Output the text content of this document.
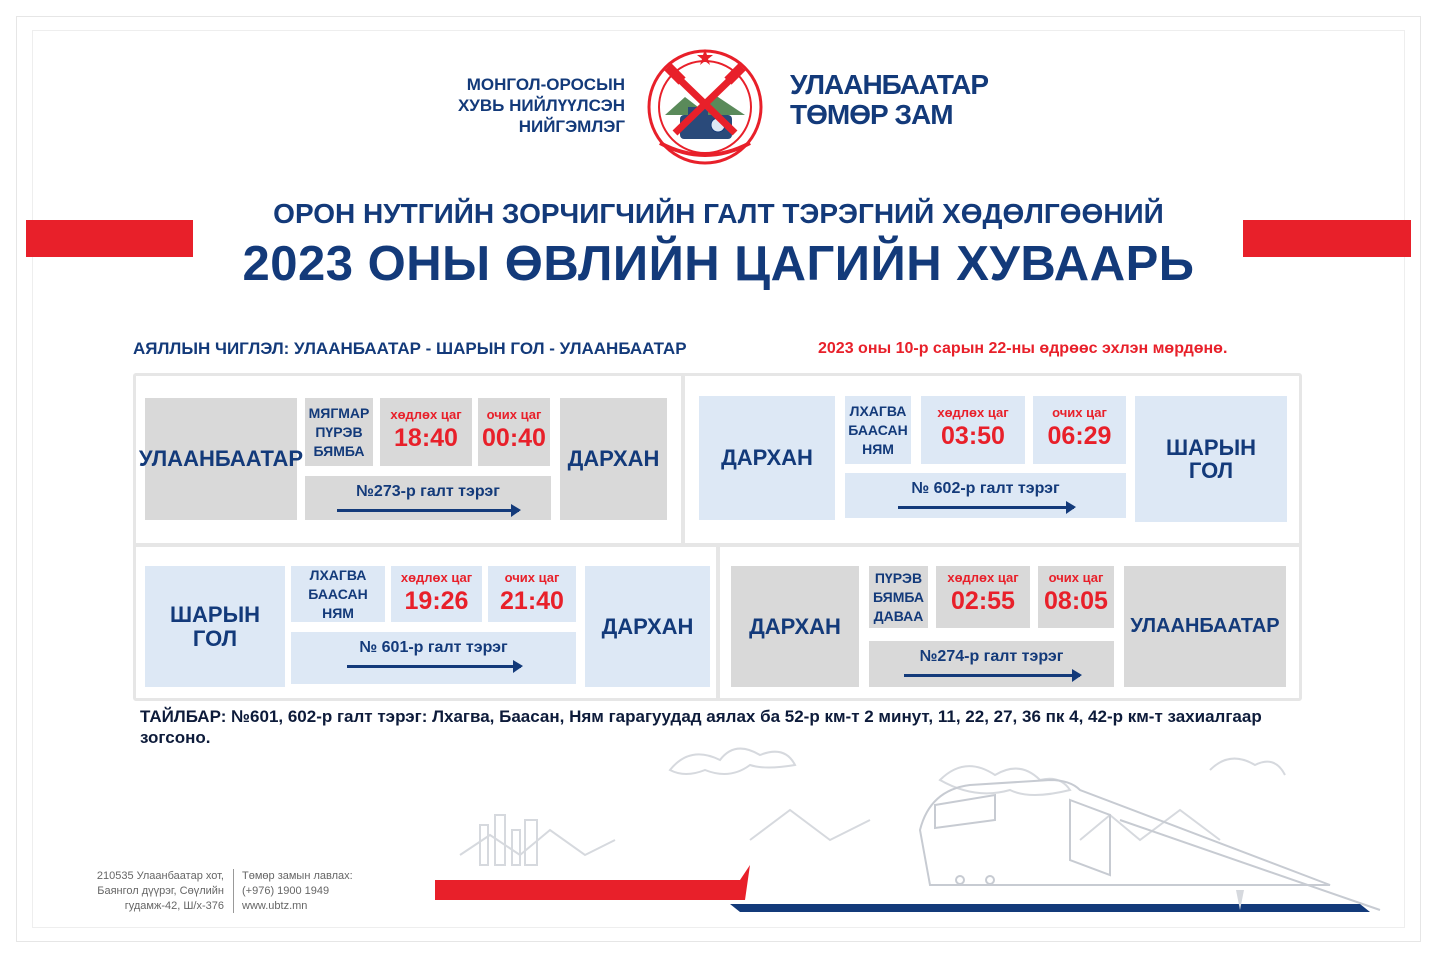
МОНГОЛ-ОРОСЫН
ХУВЬ НИЙЛҮҮЛСЭН
НИЙГЭМЛЭГ
УЛААНБААТАР
ТӨМӨР ЗАМ
ОРОН НУТГИЙН ЗОРЧИГЧИЙН ГАЛТ ТЭРЭГНИЙ ХӨДӨЛГӨӨНИЙ
2023 ОНЫ ӨВЛИЙН ЦАГИЙН ХУВААРЬ
АЯЛЛЫН ЧИГЛЭЛ: УЛААНБААТАР - ШАРЫН ГОЛ - УЛААНБААТАР	2023 оны 10-р сарын 22-ны өдрөөс эхлэн мөрдөнө.
УЛААНБААТАР
МЯГМАР
ПҮРЭВ
БЯМБА
хөдлөх цаг
18:40
очих цаг
00:40
№273-р галт тэрэг
ДАРХАН	ДАРХАН
ЛХАГВА
БААСАН
НЯМ
хөдлөх цаг
03:50
очих цаг
06:29
№ 602-р галт тэрэг
ШАРЫН
ГОЛ
ШАРЫН
ГОЛ
ЛХАГВА
БААСАН
НЯМ
хөдлөх цаг
19:26
очих цаг
21:40
№ 601-р галт тэрэг
ДАРХАН	ДАРХАН
ПҮРЭВ
БЯМБА
ДАВАА
хөдлөх цаг
02:55
очих цаг
08:05
№274-р галт тэрэг
УЛААНБААТАР
ТАЙЛБАР: №601, 602-р галт тэрэг: Лхагва, Баасан, Ням гарагуудад аялах ба 52-р км-т 2 минут, 11, 22, 27, 36 пк 4, 42-р км-т захиалгаар зогсоно.
210535 Улаанбаатар хот,
Баянгол дүүрэг, Сөүлийн
гудамж-42, Ш/х-376
Төмөр замын лавлах:
(+976) 1900 1949
www.ubtz.mn
